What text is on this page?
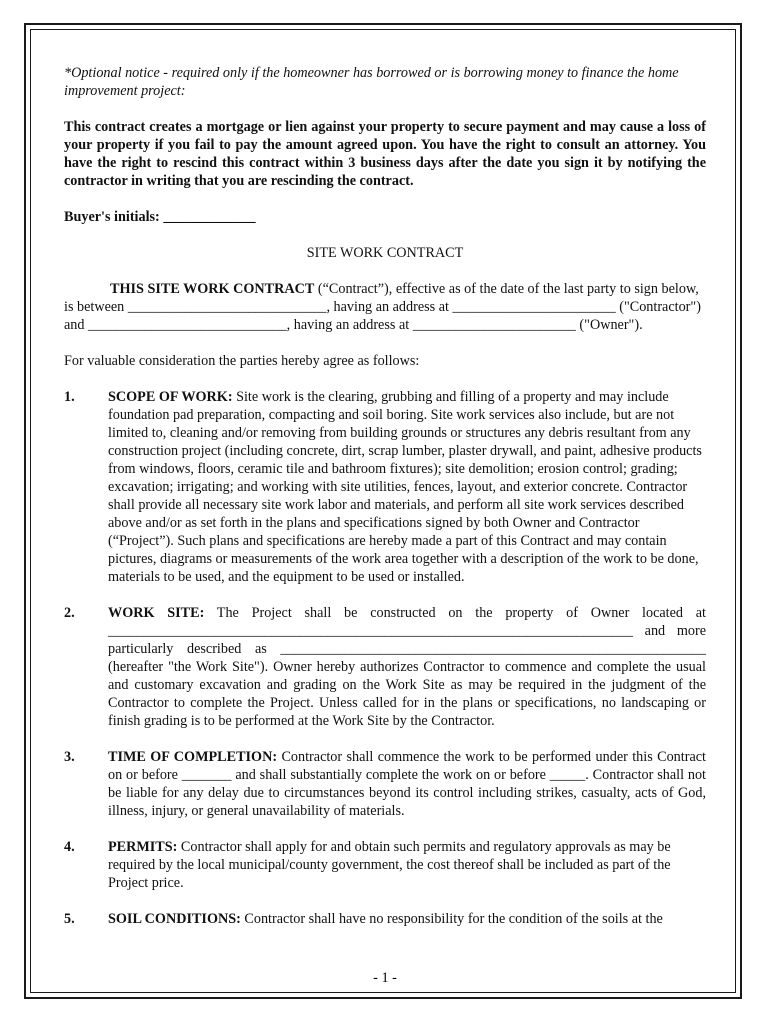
*Optional notice - required only if the homeowner has borrowed or is borrowing money to finance the home improvement project:

This contract creates a mortgage or lien against your property to secure payment and may cause a loss of your property if you fail to pay the amount agreed upon. You have the right to consult an attorney. You have the right to rescind this contract within 3 business days after the date you sign it by notifying the contractor in writing that you are rescinding the contract.

Buyer's initials: _____________

SITE WORK CONTRACT

THIS SITE WORK CONTRACT (“Contract”), effective as of the date of the last party to sign below, is between ____________________________, having an address at _______________________ ("Contractor") and ____________________________, having an address at _______________________ ("Owner").

For valuable consideration the parties hereby agree as follows:

1.	SCOPE OF WORK: Site work is the clearing, grubbing and filling of a property and may include foundation pad preparation, compacting and soil boring. Site work services also include, but are not limited to, cleaning and/or removing from building grounds or structures any debris resultant from any construction project (including concrete, dirt, scrap lumber, plaster drywall, and paint, adhesive products from windows, floors, ceramic tile and bathroom fixtures); site demolition; erosion control; grading; excavation; irrigating; and working with site utilities, fences, layout, and exterior concrete. Contractor shall provide all necessary site work labor and materials, and perform all site work services described above and/or as set forth in the plans and specifications signed by both Owner and Contractor (“Project”). Such plans and specifications are hereby made a part of this Contract and may contain pictures, diagrams or measurements of the work area together with a description of the work to be done, materials to be used, and the equipment to be used or installed.
2.	WORK SITE: The Project shall be constructed on the property of Owner located at __________________________________________________________________________ and more particularly described as ____________________________________________________________ (hereafter "the Work Site"). Owner hereby authorizes Contractor to commence and complete the usual and customary excavation and grading on the Work Site as may be required in the judgment of the Contractor to complete the Project. Unless called for in the plans or specifications, no landscaping or finish grading is to be performed at the Work Site by the Contractor.
3.	TIME OF COMPLETION: Contractor shall commence the work to be performed under this Contract on or before _______ and shall substantially complete the work on or before _____. Contractor shall not be liable for any delay due to circumstances beyond its control including strikes, casualty, acts of God, illness, injury, or general unavailability of materials.
4.	PERMITS: Contractor shall apply for and obtain such permits and regulatory approvals as may be required by the local municipal/county government, the cost thereof shall be included as part of the Project price.
5.	SOIL CONDITIONS: Contractor shall have no responsibility for the condition of the soils at the
- 1 -
